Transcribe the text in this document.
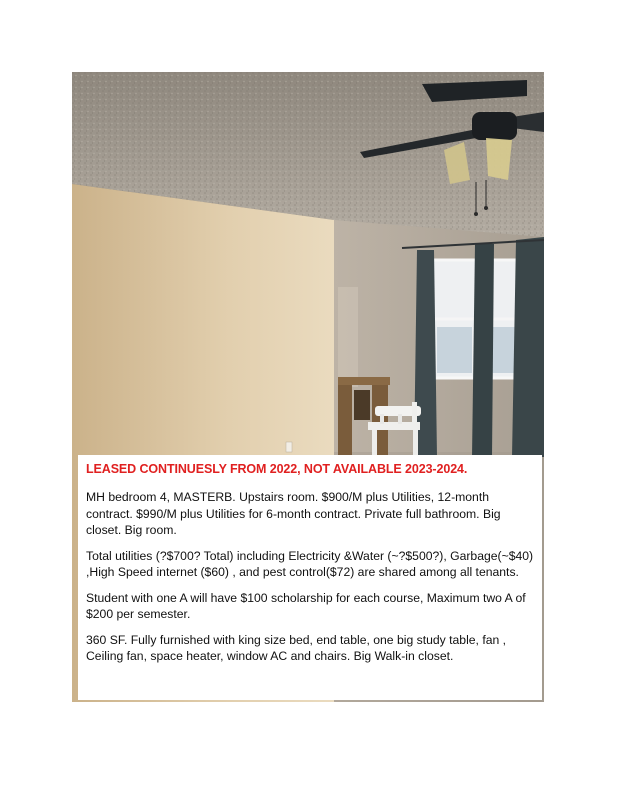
LEASED CONTINUESLY FROM 2022, NOT AVAILABLE 2023-2024.

MH bedroom 4, MASTERB. Upstairs room. $900/M plus Utilities, 12-month contract. $990/M plus Utilities for 6-month contract. Private full bathroom. Big closet. Big room.

Total utilities (?$700? Total) including Electricity &Water (~?$500?), Garbage(~$40) ,High Speed internet ($60) , and pest control($72) are shared among all tenants.

Student with one A will have $100 scholarship for each course, Maximum two A of $200 per semester.

360 SF. Fully furnished with king size bed, end table, one big study table, fan , Ceiling fan, space heater, window AC and chairs. Big Walk-in closet.
